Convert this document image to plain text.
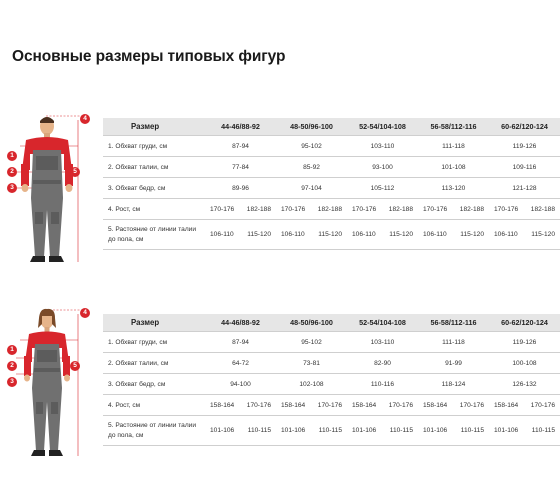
Основные размеры типовых фигур
4
1
2	5
3
Размер	44-46/88-92	48-50/96-100	52-54/104-108	56-58/112-116	60-62/120-124
1. Обхват груди, см	87-94	95-102	103-110	111-118	119-126
2. Обхват талии, см	77-84	85-92	93-100	101-108	109-116
3. Обхват бедр, см	89-96	97-104	105-112	113-120	121-128
4. Рост, см	170-176 182-188	170-176 182-188	170-176 182-188	170-176 182-188	170-176 182-188

5. Растояние от линии талии до пола, см	106-110 115-120	106-110 115-120	106-110 115-120	106-110 115-120	106-110 115-120
4
1
2	5
3
Размер	44-46/88-92	48-50/96-100	52-54/104-108	56-58/112-116	60-62/120-124
1. Обхват груди, см	87-94	95-102	103-110	111-118	119-126
2. Обхват талии, см	64-72	73-81	82-90	91-99	100-108
3. Обхват бедр, см	94-100	102-108	110-116	118-124	126-132
4. Рост, см	158-164 170-176	158-164 170-176	158-164 170-176	158-164 170-176	158-164 170-176

5. Растояние от линии талии до пола, см	101-106 110-115	101-106 110-115	101-106 110-115	101-106 110-115	101-106 110-115
